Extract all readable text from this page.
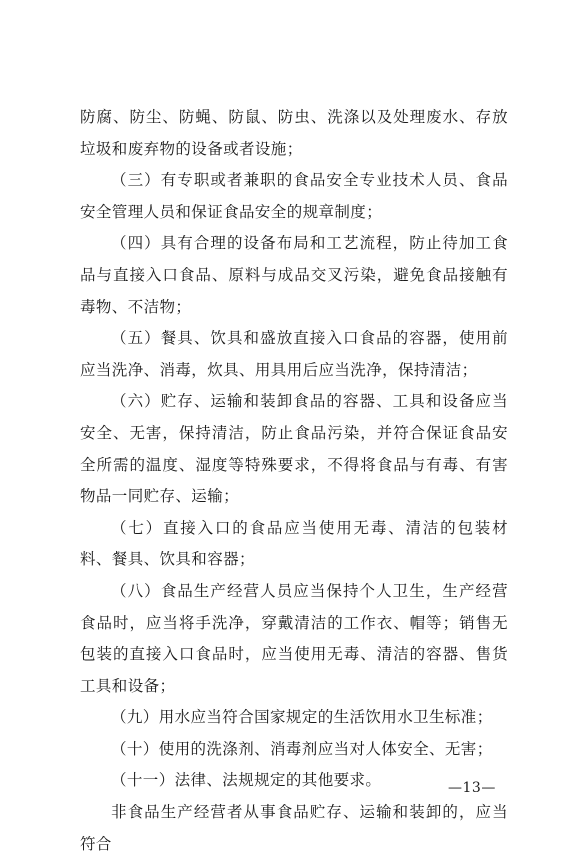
防腐、防尘、防蝇、防鼠、防虫、洗涤以及处理废水、存放垃圾和废弃物的设备或者设施；

（三）有专职或者兼职的食品安全专业技术人员、食品安全管理人员和保证食品安全的规章制度；

（四）具有合理的设备布局和工艺流程，防止待加工食品与直接入口食品、原料与成品交叉污染，避免食品接触有毒物、不洁物；

（五）餐具、饮具和盛放直接入口食品的容器，使用前应当洗净、消毒，炊具、用具用后应当洗净，保持清洁；

（六）贮存、运输和装卸食品的容器、工具和设备应当安全、无害，保持清洁，防止食品污染，并符合保证食品安全所需的温度、湿度等特殊要求，不得将食品与有毒、有害物品一同贮存、运输；

（七）直接入口的食品应当使用无毒、清洁的包装材料、餐具、饮具和容器；

（八）食品生产经营人员应当保持个人卫生，生产经营食品时，应当将手洗净，穿戴清洁的工作衣、帽等；销售无包装的直接入口食品时，应当使用无毒、清洁的容器、售货工具和设备；

（九）用水应当符合国家规定的生活饮用水卫生标准；

（十）使用的洗涤剂、消毒剂应当对人体安全、无害；

（十一）法律、法规规定的其他要求。

非食品生产经营者从事食品贮存、运输和装卸的，应当符合

—13—
